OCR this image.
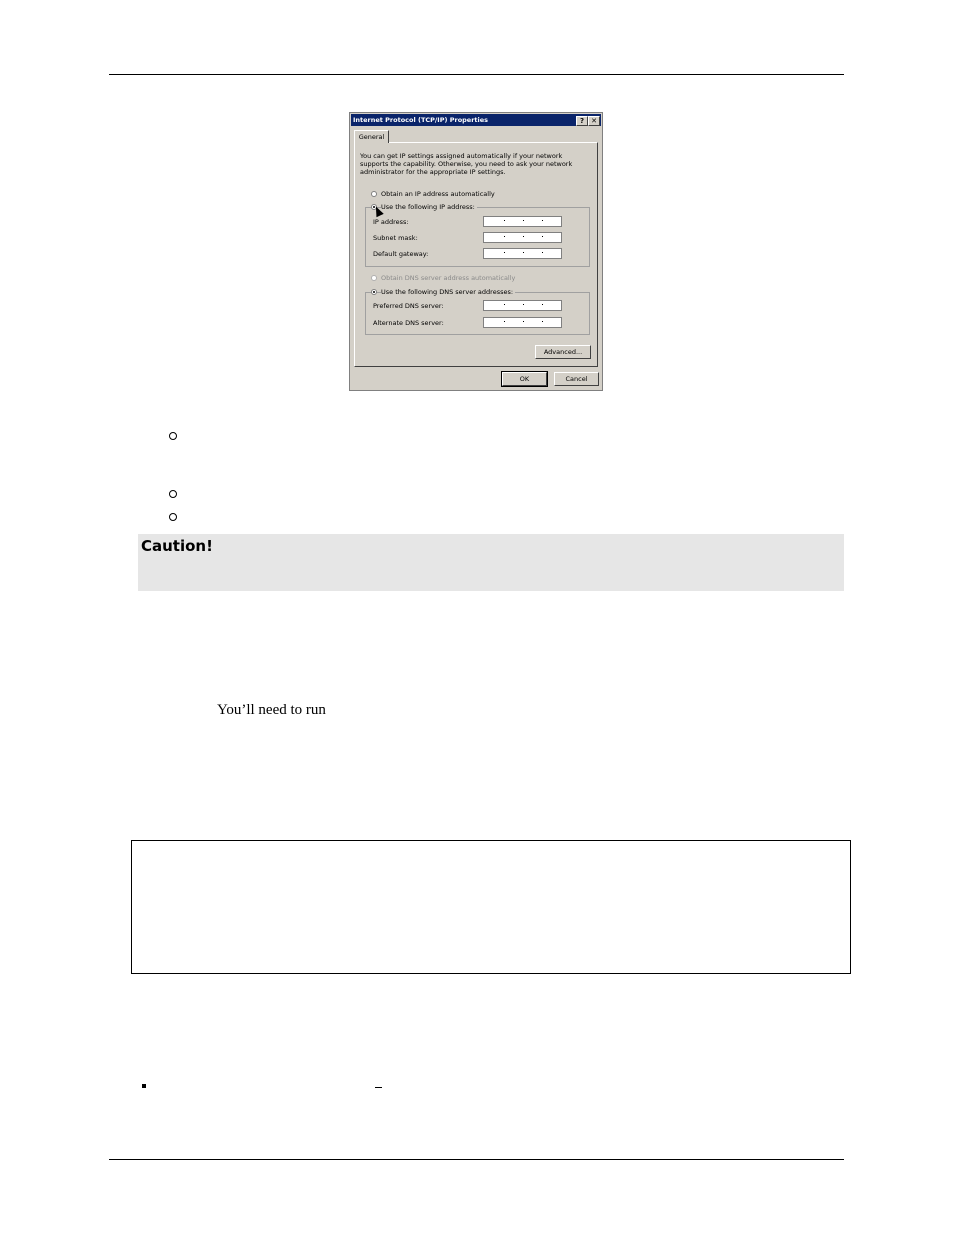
Internet Protocol (TCP/IP) Properties	?	✕
General
You can get IP settings assigned automatically if your network supports the capability. Otherwise, you need to ask your network administrator for the appropriate IP settings.
Obtain an IP address automatically
Use the following IP address:
IP address:
Subnet mask:
Default gateway:
Obtain DNS server address automatically
Use the following DNS server addresses:
Preferred DNS server:
Alternate DNS server:
Advanced...
OK	Cancel
Caution!
You’ll need to run
